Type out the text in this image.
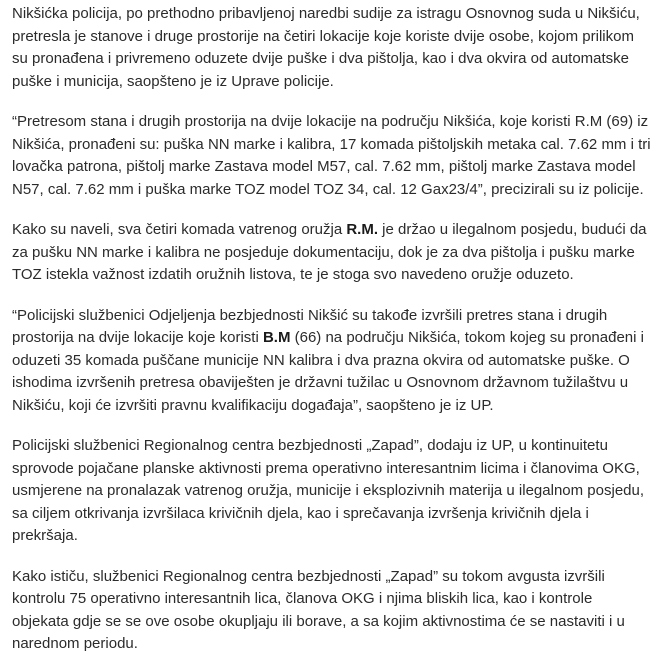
Nikšićka policija, po prethodno pribavljenoj naredbi sudije za istragu Osnovnog suda u Nikšiću, pretresla je stanove i druge prostorije na četiri lokacije koje koriste dvije osobe, kojom prilikom su pronađena i privremeno oduzete dvije puške i dva pištolja, kao i dva okvira od automatske puške i municija, saopšteno je iz Uprave policije.

“Pretresom stana i drugih prostorija na dvije lokacije na području Nikšića, koje koristi R.M (69) iz Nikšića, pronađeni su: puška NN marke i kalibra, 17 komada pištoljskih metaka cal. 7.62 mm i tri lovačka patrona, pištolj marke Zastava model M57, cal. 7.62 mm, pištolj marke Zastava model N57, cal. 7.62 mm i puška marke TOZ model TOZ 34, cal. 12 Gax23/4”, precizirali su iz policije.

Kako su naveli, sva četiri komada vatrenog oružja R.M. je držao u ilegalnom posjedu, budući da za pušku NN marke i kalibra ne posjeduje dokumentaciju, dok je za dva pištolja i pušku marke TOZ istekla važnost izdatih oružnih listova, te je stoga svo navedeno oružje oduzeto.

“Policijski službenici Odjeljenja bezbjednosti Nikšić su takođe izvršili pretres stana i drugih prostorija na dvije lokacije koje koristi B.M (66) na području Nikšića, tokom kojeg su pronađeni i oduzeti 35 komada puščane municije NN kalibra i dva prazna okvira od automatske puške. O ishodima izvršenih pretresa obaviješten je državni tužilac u Osnovnom državnom tužilaštvu u Nikšiću, koji će izvršiti pravnu kvalifikaciju događaja”, saopšteno je iz UP.

Policijski službenici Regionalnog centra bezbjednosti „Zapad”, dodaju iz UP, u kontinuitetu sprovode pojačane planske aktivnosti prema operativno interesantnim licima i članovima OKG, usmjerene na pronalazak vatrenog oružja, municije i eksplozivnih materija u ilegalnom posjedu, sa ciljem otkrivanja izvršilaca krivičnih djela, kao i sprečavanja izvršenja krivičnih djela i prekršaja.

Kako ističu, službenici Regionalnog centra bezbjednosti „Zapad” su tokom avgusta izvršili kontrolu 75 operativno interesantnih lica, članova OKG i njima bliskih lica, kao i kontrole objekata gdje se se ove osobe okupljaju ili borave, a sa kojim aktivnostima će se nastaviti i u narednom periodu.
